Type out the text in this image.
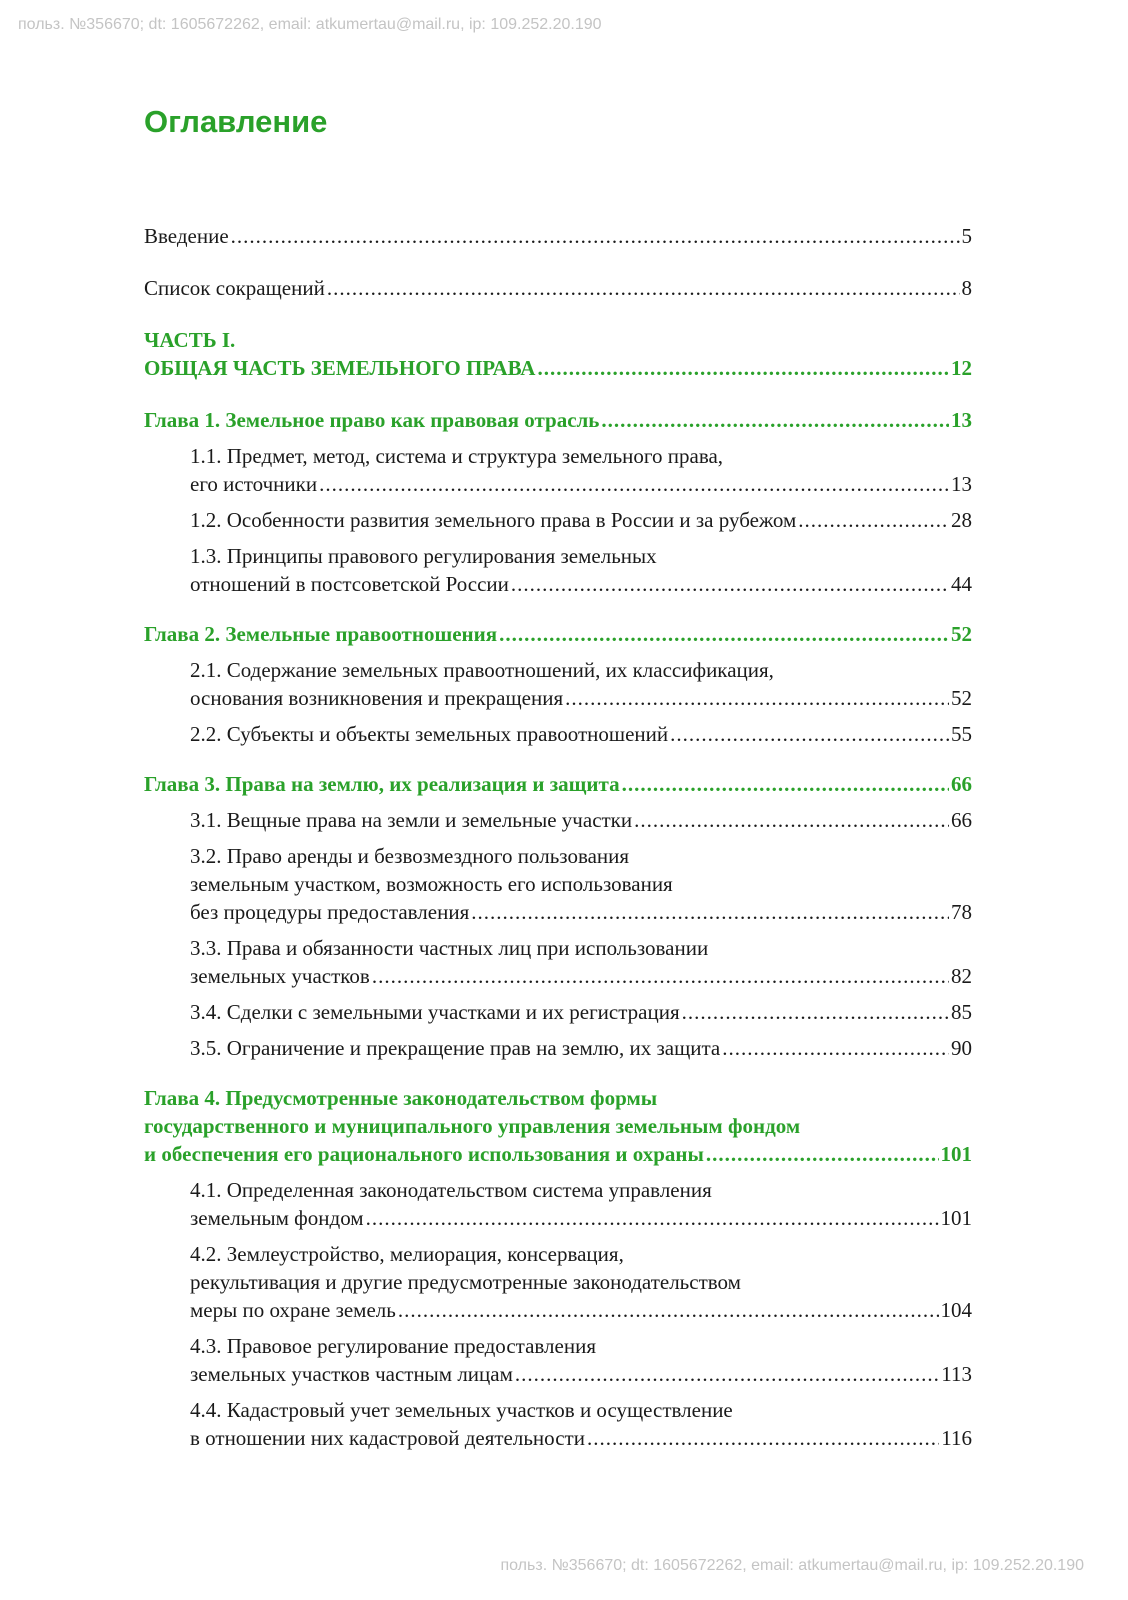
польз. №356670; dt: 1605672262, email: atkumertau@mail.ru, ip: 109.252.20.190
Оглавление
Введение .....	5
Список сокращений .....	8
ЧАСТЬ I.
ОБЩАЯ ЧАСТЬ ЗЕМЕЛЬНОГО ПРАВА .....	12
Глава 1. Земельное право как правовая отрасль .....	13
1.1. Предмет, метод, система и структура земельного права,
его источники .....	13
1.2. Особенности развития земельного права в России и за рубежом .....	28
1.3. Принципы правового регулирования земельных
отношений в постсоветской России .....	44
Глава 2. Земельные правоотношения .....	52
2.1. Содержание земельных правоотношений, их классификация,
основания возникновения и прекращения .....	52
2.2. Субъекты и объекты земельных правоотношений .....	55
Глава 3. Права на землю, их реализация и защита .....	66
3.1. Вещные права на земли и земельные участки .....	66
3.2. Право аренды и безвозмездного пользования
земельным участком, возможность его использования
без процедуры предоставления .....	78
3.3. Права и обязанности частных лиц при использовании
земельных участков .....	82
3.4. Сделки с земельными участками и их регистрация .....	85
3.5. Ограничение и прекращение прав на землю, их защита .....	90
Глава 4. Предусмотренные законодательством формы
государственного и муниципального управления земельным фондом
и обеспечения его рационального использования и охраны .....	101
4.1. Определенная законодательством система управления
земельным фондом .....	101
4.2. Землеустройство, мелиорация, консервация,
рекультивация и другие предусмотренные законодательством
меры по охране земель .....	104
4.3. Правовое регулирование предоставления
земельных участков частным лицам .....	113
4.4. Кадастровый учет земельных участков и осуществление
в отношении них кадастровой деятельности .....	116
польз. №356670; dt: 1605672262, email: atkumertau@mail.ru, ip: 109.252.20.190
